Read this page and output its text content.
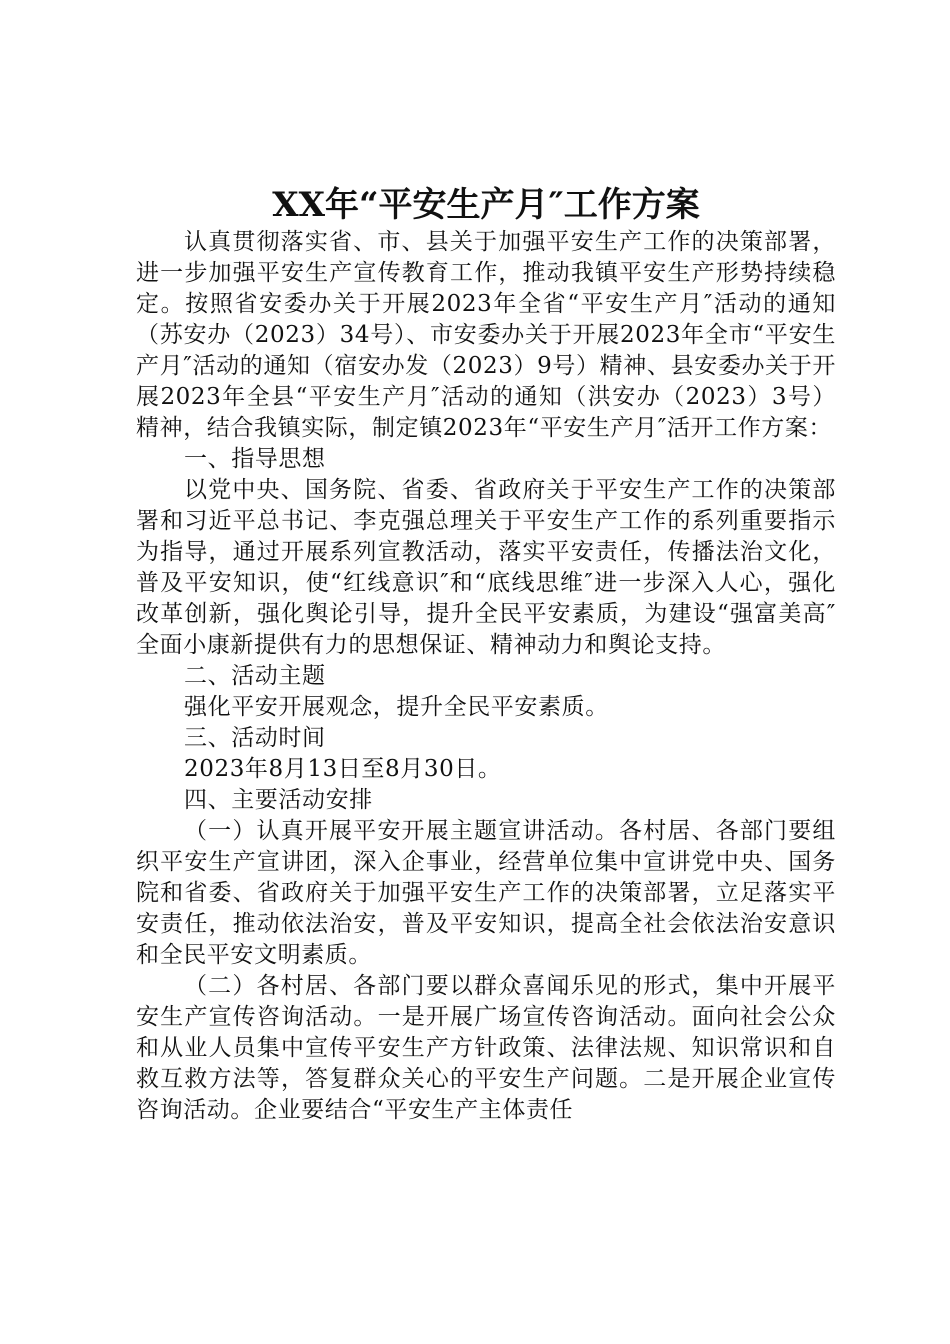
XX年“平安生产月″工作方案

认真贯彻落实省、市、县关于加强平安生产工作的决策部署，进一步加强平安生产宣传教育工作，推动我镇平安生产形势持续稳定。按照省安委办关于开展2023年全省“平安生产月″活动的通知（苏安办（2023）34号）、市安委办关于开展2023年全市“平安生产月″活动的通知（宿安办发（2023）9号）精神、县安委办关于开展2023年全县“平安生产月″活动的通知（洪安办（2023）3号）精神，结合我镇实际，制定镇2023年“平安生产月″活开工作方案：

一、指导思想

以党中央、国务院、省委、省政府关于平安生产工作的决策部署和习近平总书记、李克强总理关于平安生产工作的系列重要指示为指导，通过开展系列宣教活动，落实平安责任，传播法治文化，普及平安知识，使“红线意识″和“底线思维″进一步深入人心，强化改革创新，强化舆论引导，提升全民平安素质，为建设“强富美高″全面小康新提供有力的思想保证、精神动力和舆论支持。

二、活动主题

强化平安开展观念，提升全民平安素质。

三、活动时间

2023年8月13日至8月30日。

四、主要活动安排

（一）认真开展平安开展主题宣讲活动。各村居、各部门要组织平安生产宣讲团，深入企事业，经营单位集中宣讲党中央、国务院和省委、省政府关于加强平安生产工作的决策部署，立足落实平安责任，推动依法治安，普及平安知识，提高全社会依法治安意识和全民平安文明素质。

（二）各村居、各部门要以群众喜闻乐见的形式，集中开展平安生产宣传咨询活动。一是开展广场宣传咨询活动。面向社会公众和从业人员集中宣传平安生产方针政策、法律法规、知识常识和自救互救方法等，答复群众关心的平安生产问题。二是开展企业宣传咨询活动。企业要结合“平安生产主体责任
